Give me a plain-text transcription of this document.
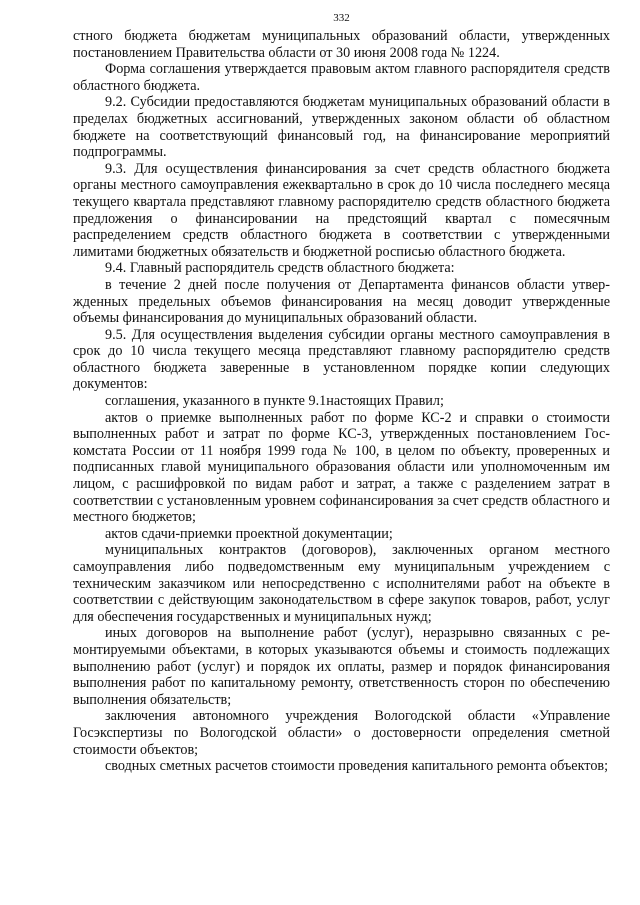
332

стного бюджета бюджетам муниципальных образований области, утвержденных постановлением Правительства области от 30 июня 2008 года № 1224.

Форма соглашения утверждается правовым актом главного распорядителя средств областного бюджета.

9.2. Субсидии предоставляются бюджетам муниципальных образований области в пределах бюджетных ассигнований, утвержденных законом области об областном бюджете на соответствующий финансовый год, на финансирование мероприятий подпрограммы.

9.3. Для осуществления финансирования за счет средств областного бюджета органы местного самоуправления ежеквартально в срок до 10 числа последнего месяца текущего квартала представляют главному распорядителю средств областного бюджета предложения о финансировании на предстоящий квартал с помесячным распределением средств областного бюджета в соответствии с утвержденными лимитами бюджетных обязательств и бюджетной росписью областного бюджета.

9.4. Главный распорядитель средств областного бюджета:

в течение 2 дней после получения от Департамента финансов области утвержденных предельных объемов финансирования на месяц доводит утвержденные объемы финансирования до муниципальных образований области.

9.5. Для осуществления выделения субсидии органы местного самоуправления в срок до 10 числа текущего месяца представляют главному распорядителю средств областного бюджета заверенные в установленном порядке копии следующих документов:

соглашения, указанного в пункте 9.1настоящих Правил;

актов о приемке выполненных работ по форме КС-2 и справки о стоимости выполненных работ и затрат по форме КС-3, утвержденных постановлением Госкомстата России от 11 ноября 1999 года № 100, в целом по объекту, проверенных и подписанных главой муниципального образования области или уполномоченным им лицом, с расшифровкой по видам работ и затрат, а также с разделением затрат в соответствии с установленным уровнем софинансирования за счет средств областного и местного бюджетов;

актов сдачи-приемки проектной документации;

муниципальных контрактов (договоров), заключенных органом местного самоуправления либо подведомственным ему муниципальным учреждением с техническим заказчиком или непосредственно с исполнителями работ на объекте в соответствии с действующим законодательством в сфере закупок товаров, работ, услуг для обеспечения государственных и муниципальных нужд;

иных договоров на выполнение работ (услуг), неразрывно связанных с ремонтируемыми объектами, в которых указываются объемы и стоимость подлежащих выполнению работ (услуг) и порядок их оплаты, размер и порядок финансирования выполнения работ по капитальному ремонту, ответственность сторон по обеспечению выполнения обязательств;

заключения автономного учреждения Вологодской области «Управление Госэкспертизы по Вологодской области» о достоверности определения сметной стоимости объектов;

сводных сметных расчетов стоимости проведения капитального ремонта объектов;
